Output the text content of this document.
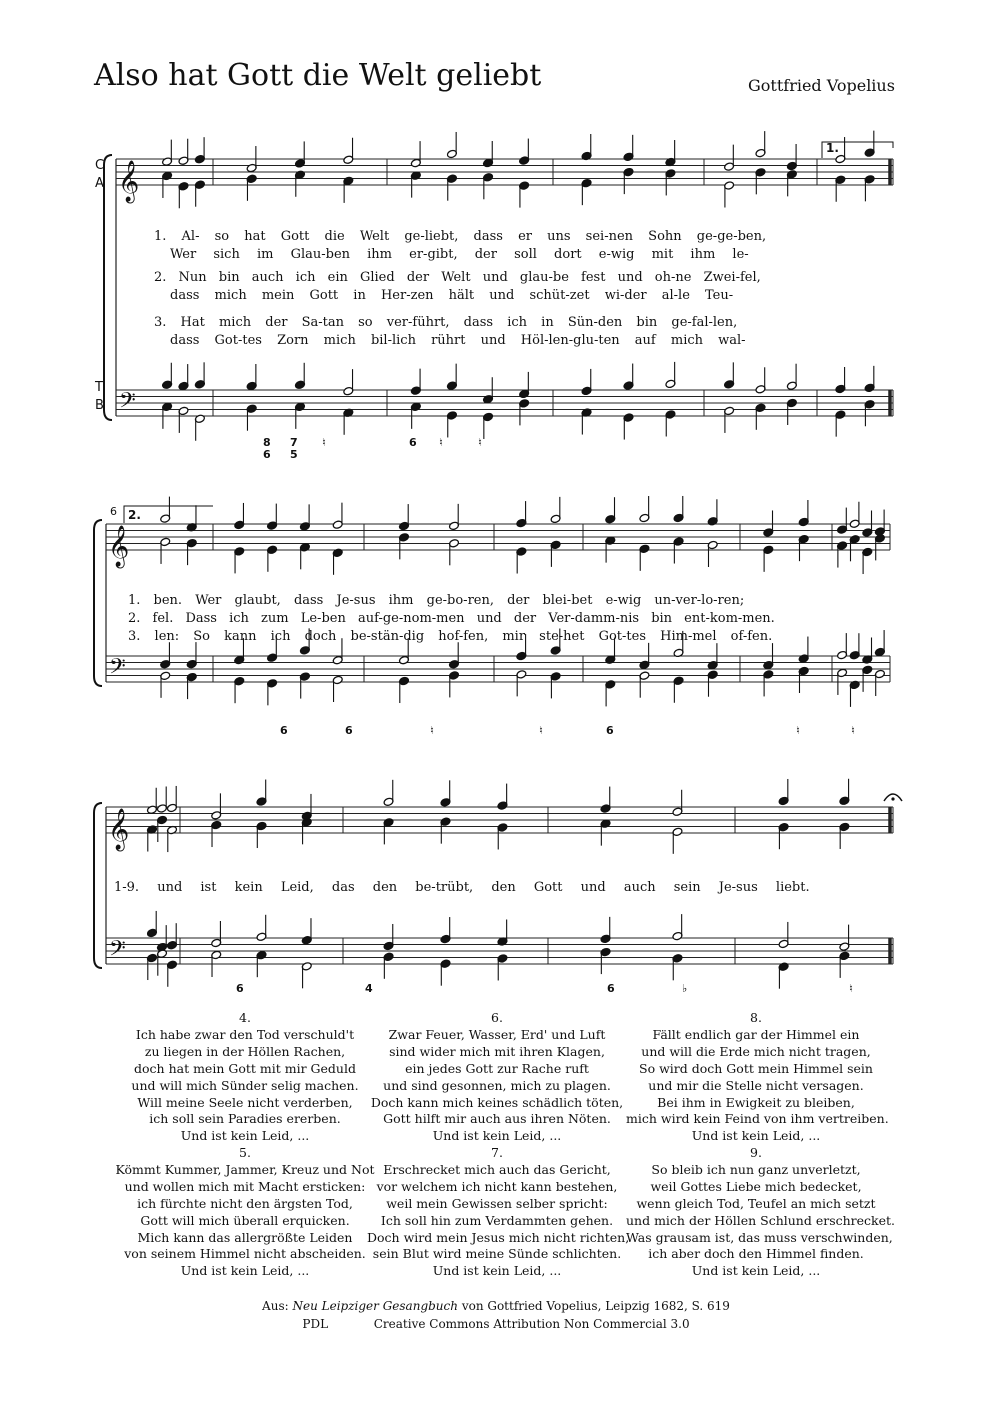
Also hat Gott die Welt geliebt	Gottfried Vopelius
𝄞
𝄢
𝄞
𝄢
𝄞
𝄢
C
A
T
B
1.
6 2.
1. Al- so hat Gott die Welt ge-liebt, dass er uns sei-nen Sohn ge-ge-ben,
Wer sich im Glau-ben ihm er-gibt, der soll dort e-wig mit ihm le-
2. Nun bin auch ich ein Glied der Welt und glau-be fest und oh-ne Zwei-fel,
dass mich mein Gott in Her-zen hält und schüt-zet wi-der al-le Teu-
3. Hat mich der Sa-tan so ver-führt, dass ich in Sün-den bin ge-fal-len,
dass Got-tes Zorn mich bil-lich rührt und Höl-len-glu-ten auf mich wal-
1. ben. Wer glaubt, dass Je-sus ihm ge-bo-ren, der blei-bet e-wig un-ver-lo-ren;
2. fel. Dass ich zum Le-ben auf-ge-nom-men und der Ver-damm-nis bin ent-kom-men.
3. len: So kann ich doch be-stän-dig hof-fen, mir ste-het Got-tes Him-mel of-fen.
1-9. und ist kein Leid, das den be-trübt, den Gott und auch sein Je-sus liebt.
8 7 ♮	6 ♮	♮
6 5
6	6	♮	♮	6	♮	♮
6	4	6	♭	♮
4.
Ich habe zwar den Tod verschuld't
zu liegen in der Höllen Rachen,
doch hat mein Gott mit mir Geduld
und will mich Sünder selig machen.
Will meine Seele nicht verderben,
ich soll sein Paradies ererben.
Und ist kein Leid, ...
6.
Zwar Feuer, Wasser, Erd' und Luft
sind wider mich mit ihren Klagen,
ein jedes Gott zur Rache ruft
und sind gesonnen, mich zu plagen.
Doch kann mich keines schädlich töten,
Gott hilft mir auch aus ihren Nöten.
Und ist kein Leid, ...
8.
Fällt endlich gar der Himmel ein
und will die Erde mich nicht tragen,
So wird doch Gott mein Himmel sein
und mir die Stelle nicht versagen.
Bei ihm in Ewigkeit zu bleiben,
mich wird kein Feind von ihm vertreiben.
Und ist kein Leid, ...
5.
Kömmt Kummer, Jammer, Kreuz und Not
und wollen mich mit Macht ersticken:
ich fürchte nicht den ärgsten Tod,
Gott will mich überall erquicken.
Mich kann das allergrößte Leiden
von seinem Himmel nicht abscheiden.
Und ist kein Leid, ...
7.
Erschrecket mich auch das Gericht,
vor welchem ich nicht kann bestehen,
weil mein Gewissen selber spricht:
Ich soll hin zum Verdammten gehen.
Doch wird mein Jesus mich nicht richten,
sein Blut wird meine Sünde schlichten.
Und ist kein Leid, ...
9.
So bleib ich nun ganz unverletzt,
weil Gottes Liebe mich bedecket,
wenn gleich Tod, Teufel an mich setzt
und mich der Höllen Schlund erschrecket.
Was grausam ist, das muss verschwinden,
ich aber doch den Himmel finden.
Und ist kein Leid, ...
Aus: Neu Leipziger Gesangbuch von Gottfried Vopelius, Leipzig 1682, S. 619
PDL	Creative Commons Attribution Non Commercial 3.0
